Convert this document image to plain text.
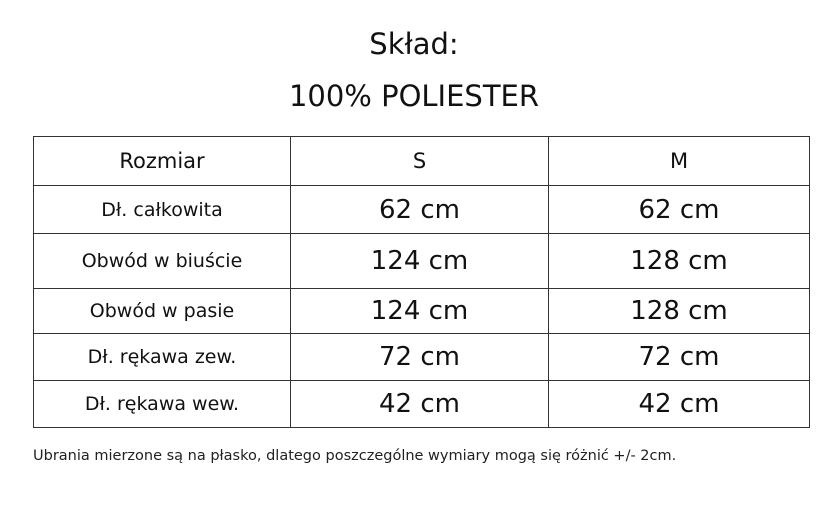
Skład:
100% POLIESTER
Rozmiar	S	M
Dł. całkowita	62 cm	62 cm
Obwód w biuście	124 cm	128 cm
Obwód w pasie	124 cm	128 cm
Dł. rękawa zew.	72 cm	72 cm
Dł. rękawa wew.	42 cm	42 cm
Ubrania mierzone są na płasko, dlatego poszczególne wymiary mogą się różnić +/- 2cm.
